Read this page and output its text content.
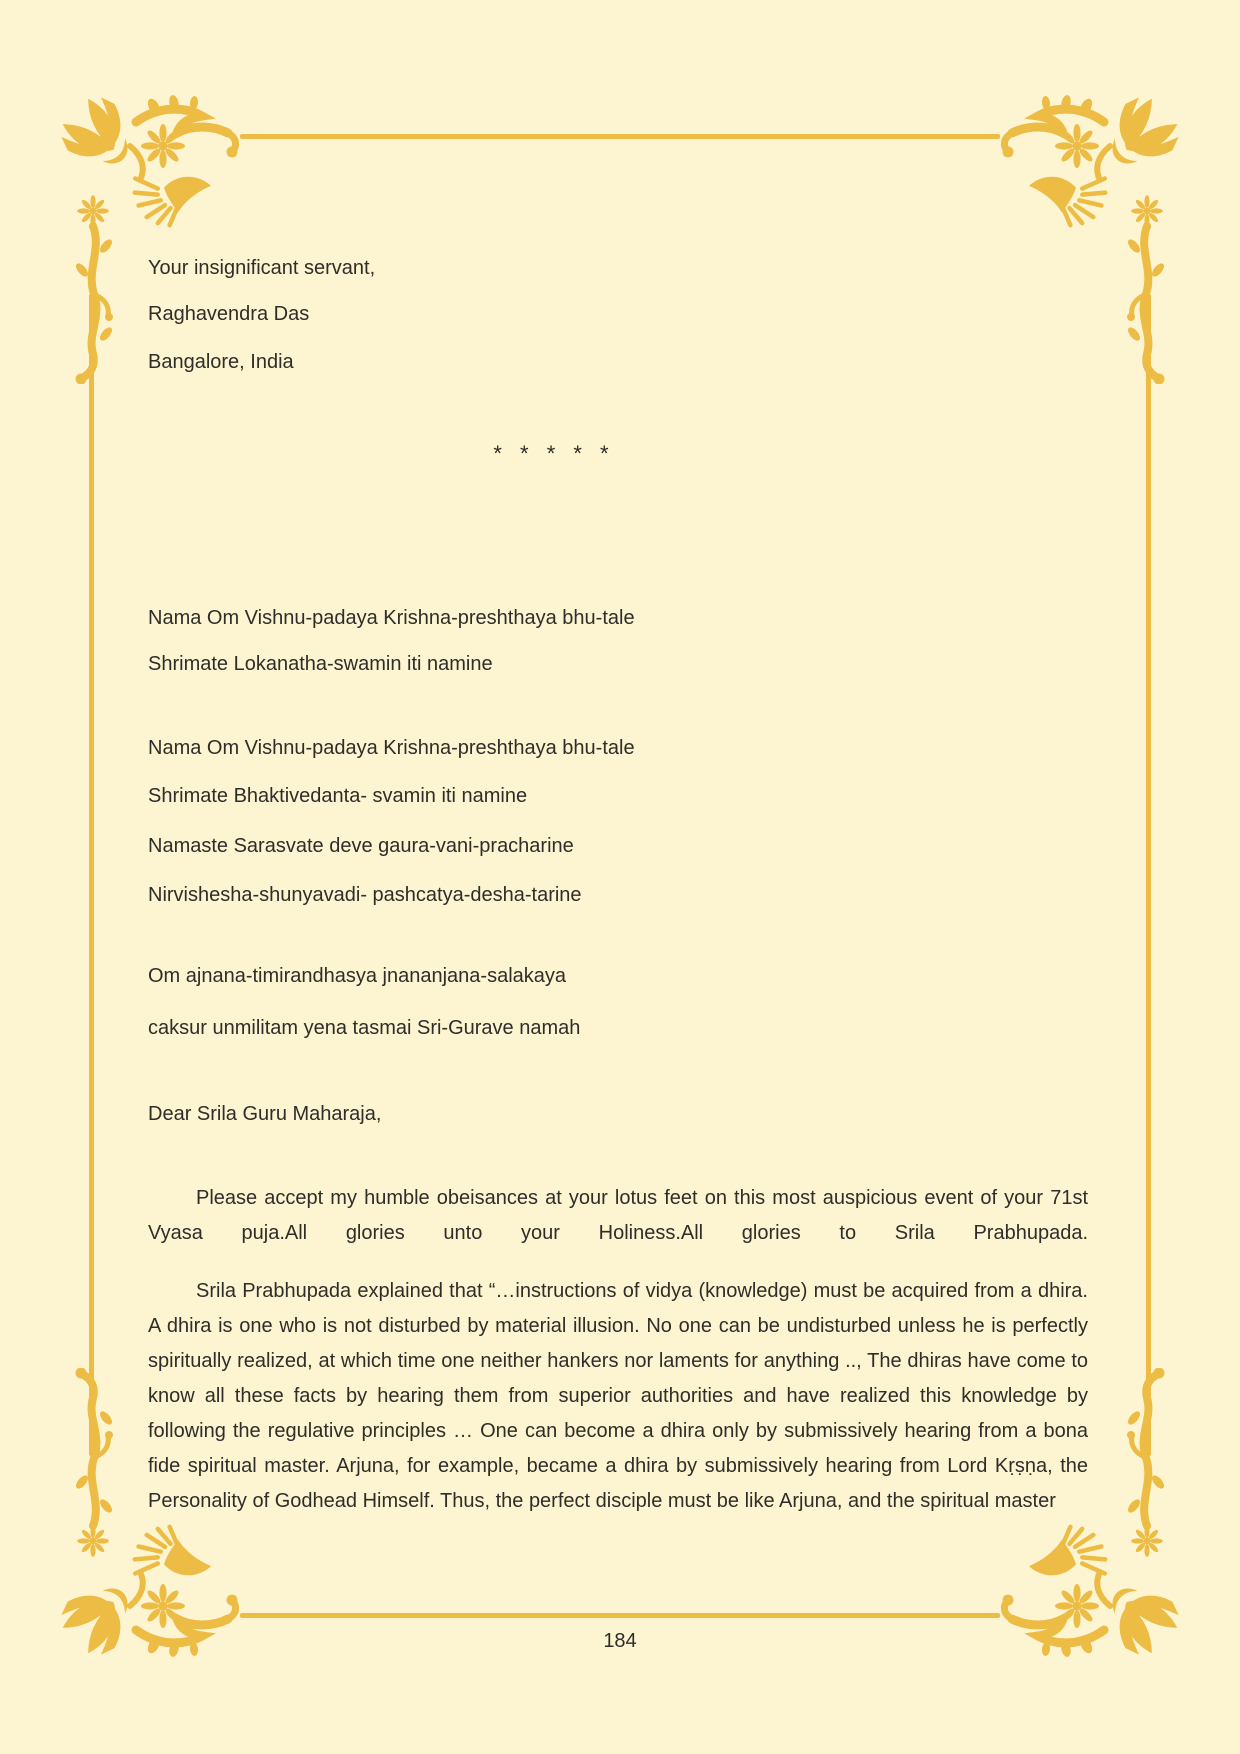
Your insignificant servant,
Raghavendra Das
Bangalore, India
* * * * *
Nama Om Vishnu-padaya Krishna-preshthaya bhu-tale
Shrimate Lokanatha-swamin iti namine
Nama Om Vishnu-padaya Krishna-preshthaya bhu-tale
Shrimate Bhaktivedanta- svamin iti namine
Namaste Sarasvate deve gaura-vani-pracharine
Nirvishesha-shunyavadi- pashcatya-desha-tarine
Om ajnana-timirandhasya jnananjana-salakaya
caksur unmilitam yena tasmai Sri-Gurave namah
Dear Srila Guru Maharaja,

Please accept my humble obeisances at your lotus feet on this most auspicious event of your 71st Vyasa puja.All glories unto your Holiness.All glories to Srila Prabhupada.

Srila Prabhupada explained that “…instructions of vidya (knowledge) must be acquired from a dhira. A dhira is one who is not disturbed by material illusion. No one can be undisturbed unless he is perfectly spiritually realized, at which time one neither hankers nor laments for anything .., The dhiras have come to know all these facts by hearing them from superior authorities and have realized this knowledge by following the regulative principles … One can become a dhira only by submissively hearing from a bona fide spiritual master. Arjuna, for example, became a dhira by submissively hearing from Lord Kṛṣṇa, the Personality of Godhead Himself. Thus, the perfect disciple must be like Arjuna, and the spiritual master

184
